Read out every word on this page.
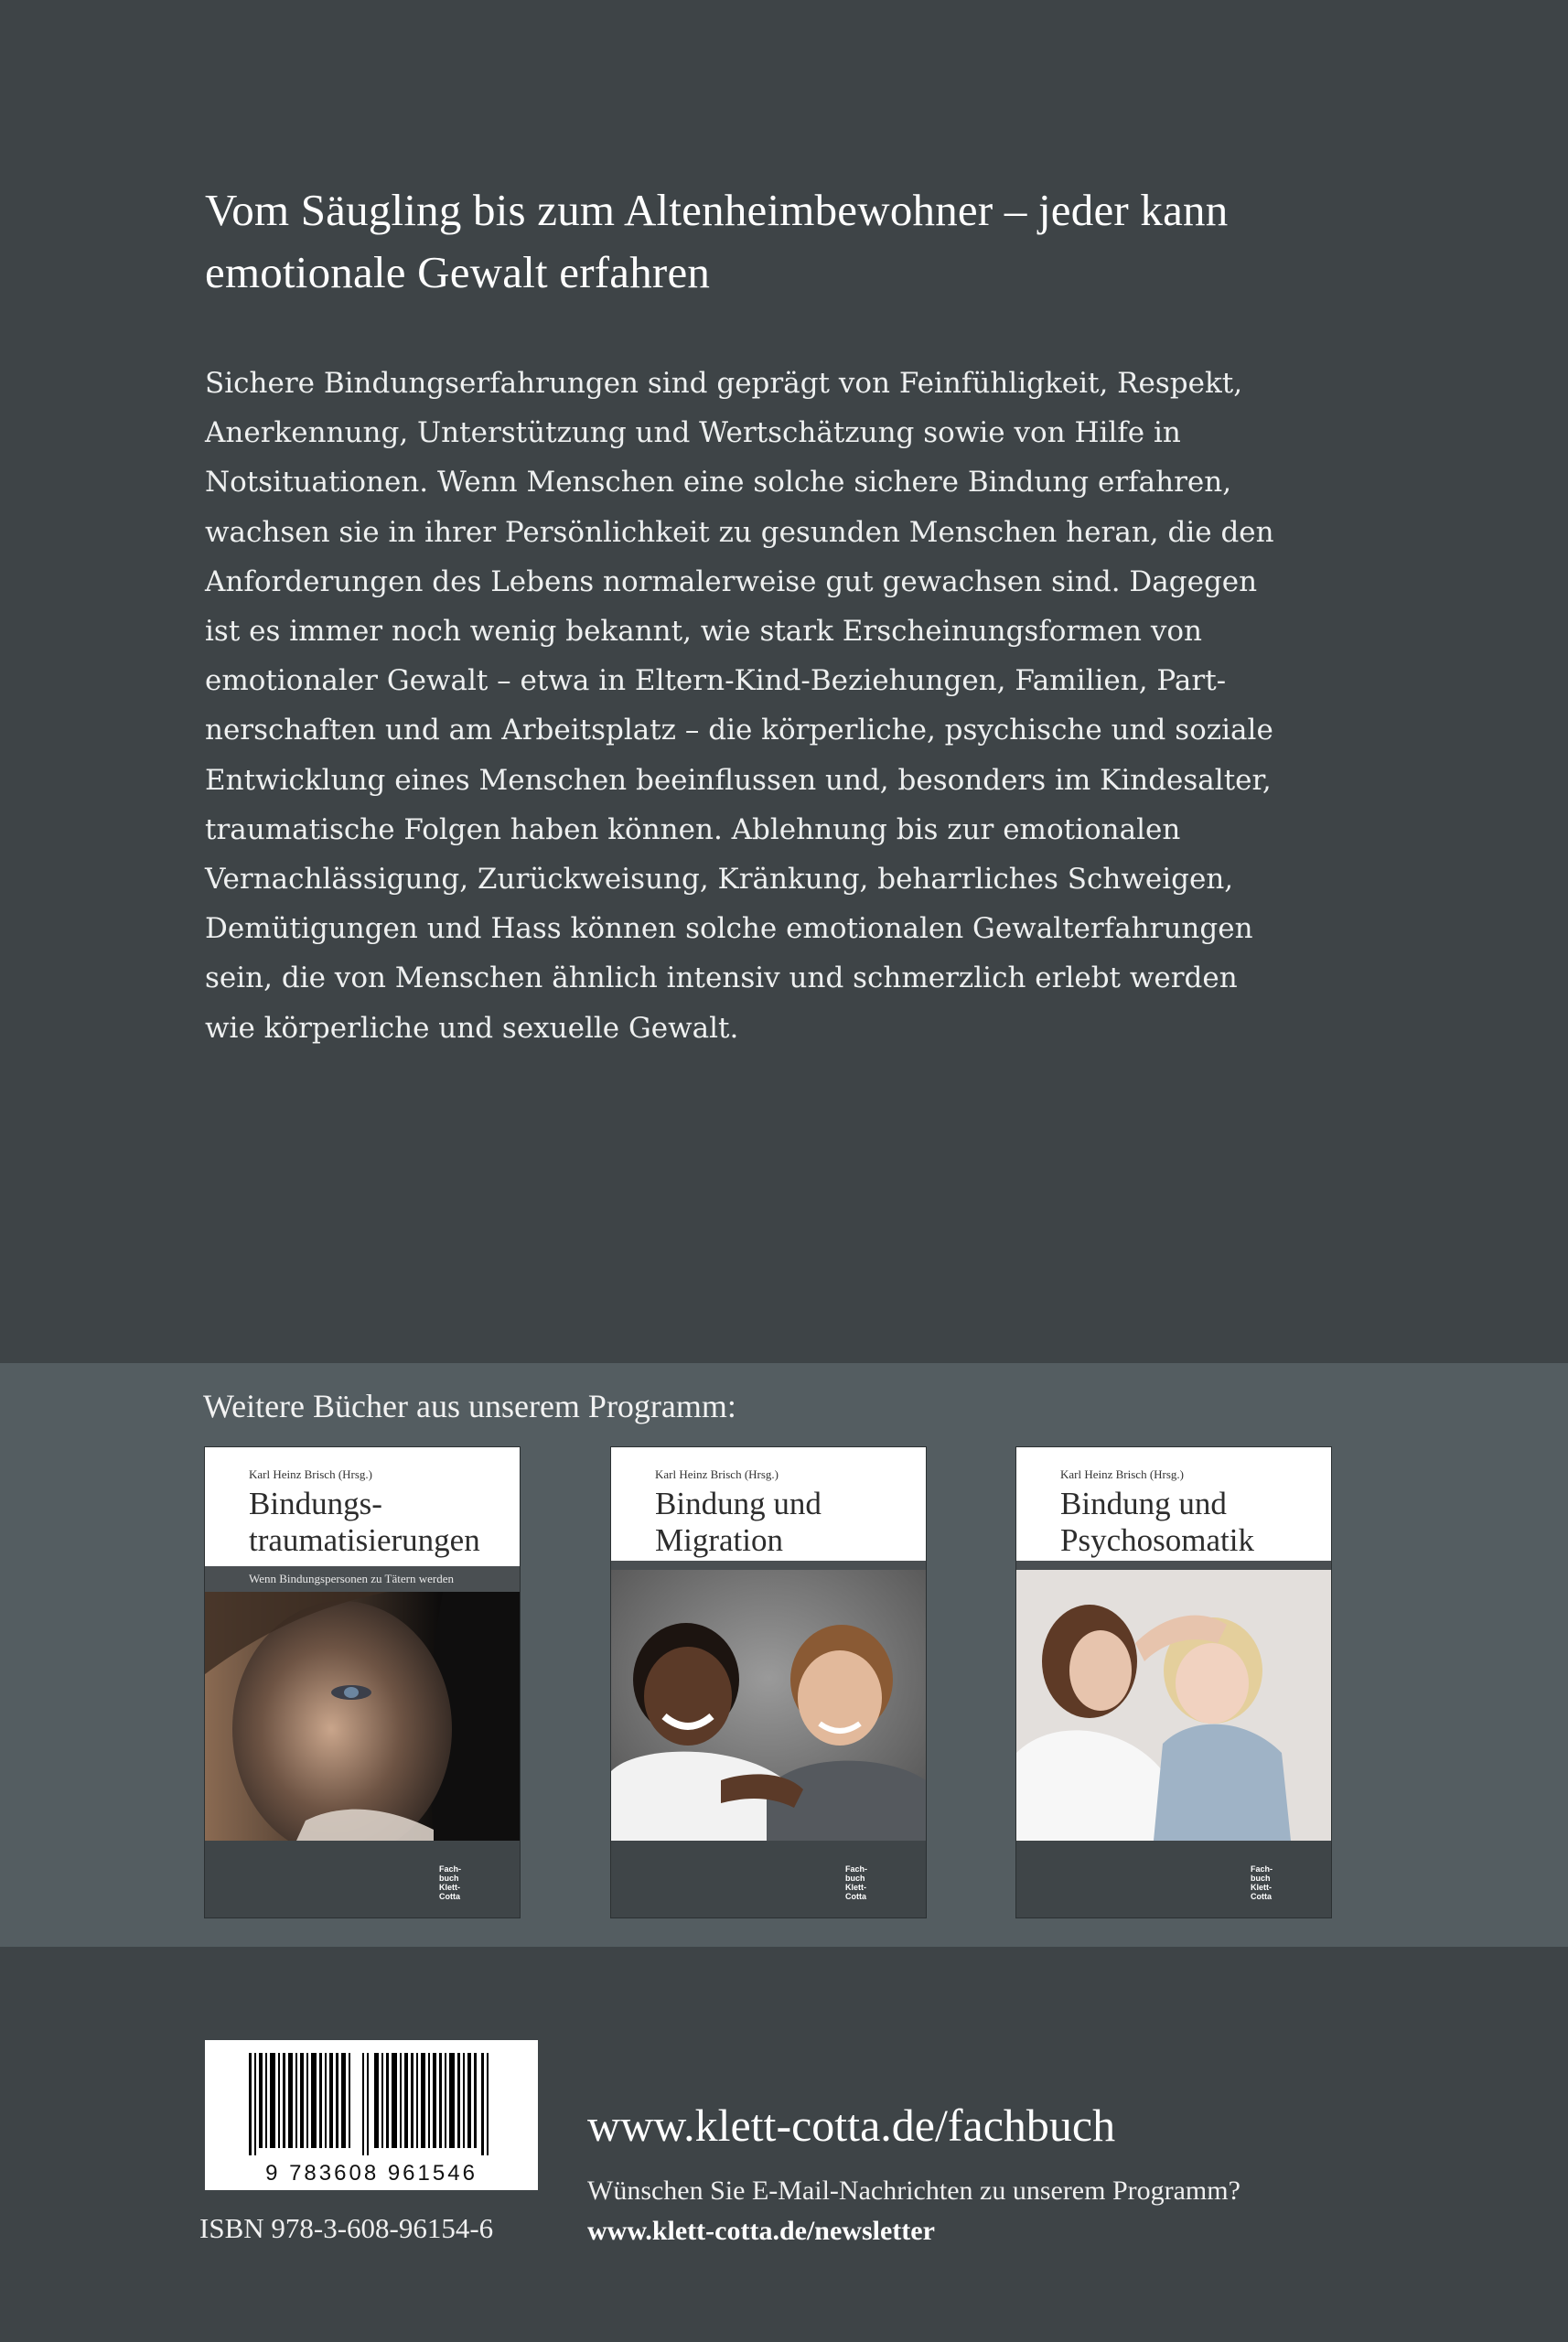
Vom Säugling bis zum Altenheimbewohner – jeder kann
emotionale Gewalt erfahren
Sichere Bindungserfahrungen sind geprägt von Feinfühligkeit, Respekt,
Anerkennung, Unterstützung und Wertschätzung sowie von Hilfe in
Notsituationen. Wenn Menschen eine solche sichere Bindung erfahren,
wachsen sie in ihrer Persönlichkeit zu gesunden Menschen heran, die den
Anforderungen des Lebens normalerweise gut gewachsen sind. Dagegen
ist es immer noch wenig bekannt, wie stark Erscheinungsformen von
emotionaler Gewalt – etwa in Eltern-Kind-Beziehungen, Familien, Part-
nerschaften und am Arbeitsplatz – die körperliche, psychische und soziale
Entwicklung eines Menschen beeinflussen und, besonders im Kindesalter,
traumatische Folgen haben können. Ablehnung bis zur emotionalen
Vernachlässigung, Zurückweisung, Kränkung, beharrliches Schweigen,
Demütigungen und Hass können solche emotionalen Gewalterfahrungen
sein, die von Menschen ähnlich intensiv und schmerzlich erlebt werden
wie körperliche und sexuelle Gewalt.
Weitere Bücher aus unserem Programm:
Karl Heinz Brisch (Hrsg.)
Bindungs-
traumatisierungen
Wenn Bindungspersonen zu Tätern werden
Fach- buch Klett-Cotta
Karl Heinz Brisch (Hrsg.)
Bindung und
Migration
Fach- buch Klett-Cotta
Karl Heinz Brisch (Hrsg.)
Bindung und
Psychosomatik
Fach- buch Klett-Cotta
9 783608 961546
ISBN 978-3-608-96154-6
www.klett-cotta.de/fachbuch
Wünschen Sie E-Mail-Nachrichten zu unserem Programm?
www.klett-cotta.de/newsletter
